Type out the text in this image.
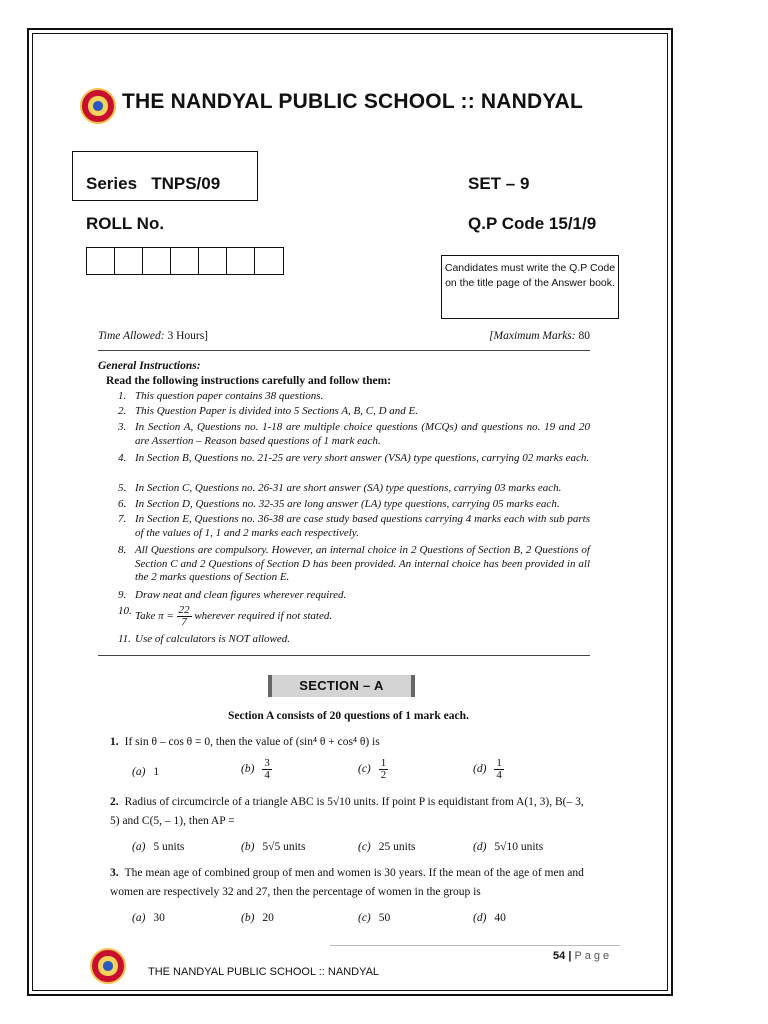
THE NANDYAL PUBLIC SCHOOL :: NANDYAL
Series   TNPS/09	SET – 9
ROLL No.	Q.P Code 15/1/9
Candidates must write the Q.P Code on the title page of the Answer book.
Time Allowed: 3 Hours]	[Maximum Marks: 80
General Instructions:
Read the following instructions carefully and follow them:
1. This question paper contains 38 questions.
2. This Question Paper is divided into 5 Sections A, B, C, D and E.
3. In Section A, Questions no. 1-18 are multiple choice questions (MCQs) and questions no. 19 and 20 are Assertion – Reason based questions of 1 mark each.
4. In Section B, Questions no. 21-25 are very short answer (VSA) type questions, carrying 02 marks each.
5. In Section C, Questions no. 26-31 are short answer (SA) type questions, carrying 03 marks each.
6. In Section D, Questions no. 32-35 are long answer (LA) type questions, carrying 05 marks each.
7. In Section E, Questions no. 36-38 are case study based questions carrying 4 marks each with sub parts of the values of 1, 1 and 2 marks each respectively.
8. All Questions are compulsory. However, an internal choice in 2 Questions of Section B, 2 Questions of Section C and 2 Questions of Section D has been provided. An internal choice has been provided in all the 2 marks questions of Section E.
9. Draw neat and clean figures wherever required.
10. Take $\pi = \frac{22}{7}$ wherever required if not stated.
11. Use of calculators is NOT allowed.
SECTION – A
Section A consists of 20 questions of 1 mark each.
1. If sin θ – cos θ = 0, then the value of (sin⁴ θ + cos⁴ θ) is
(a) 1	$(b) \frac{3}{4}$	$(c) \frac{1}{2}$	$(d) \frac{1}{4}$
2. Radius of circumcircle of a triangle ABC is 5√10 units. If point P is equidistant from A(1, 3), B(– 3, 5) and C(5, – 1), then AP =
(a) 5 units	(b) 5√5 units	(c) 25 units	(d) 5√10 units
3. The mean age of combined group of men and women is 30 years. If the mean of the age of men and women are respectively 32 and 27, then the percentage of women in the group is
(a) 30	(b) 20	(c) 50	(d) 40
54 | Page
THE NANDYAL PUBLIC SCHOOL :: NANDYAL
